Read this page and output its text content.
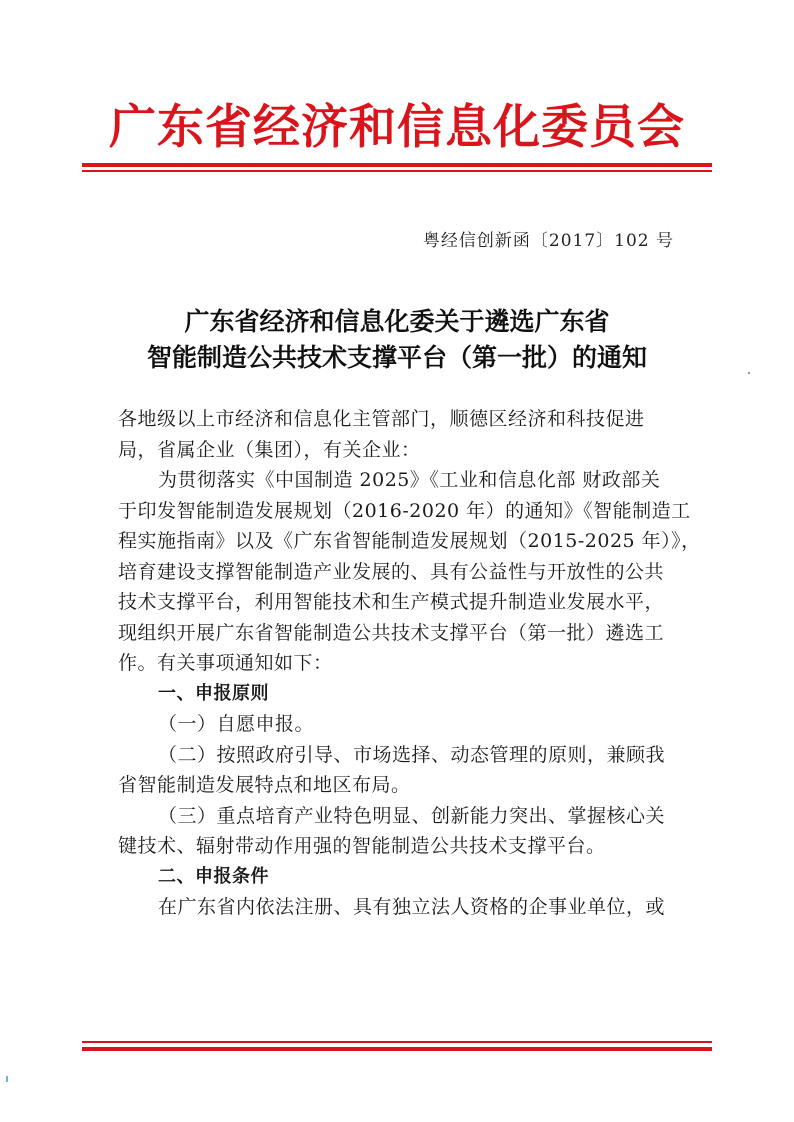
广东省经济和信息化委员会
粤经信创新函〔2017〕102 号
广东省经济和信息化委关于遴选广东省
智能制造公共技术支撑平台（第一批）的通知
各地级以上市经济和信息化主管部门，顺德区经济和科技促进
局，省属企业（集团），有关企业：
为贯彻落实《中国制造 2025》《工业和信息化部 财政部关
于印发智能制造发展规划（2016-2020 年）的通知》《智能制造工
程实施指南》以及《广东省智能制造发展规划（2015-2025 年）》，
培育建设支撑智能制造产业发展的、具有公益性与开放性的公共
技术支撑平台，利用智能技术和生产模式提升制造业发展水平，
现组织开展广东省智能制造公共技术支撑平台（第一批）遴选工
作。有关事项通知如下：
一、申报原则
（一）自愿申报。
（二）按照政府引导、市场选择、动态管理的原则，兼顾我
省智能制造发展特点和地区布局。
（三）重点培育产业特色明显、创新能力突出、掌握核心关
键技术、辐射带动作用强的智能制造公共技术支撑平台。
二、申报条件
在广东省内依法注册、具有独立法人资格的企事业单位，或
